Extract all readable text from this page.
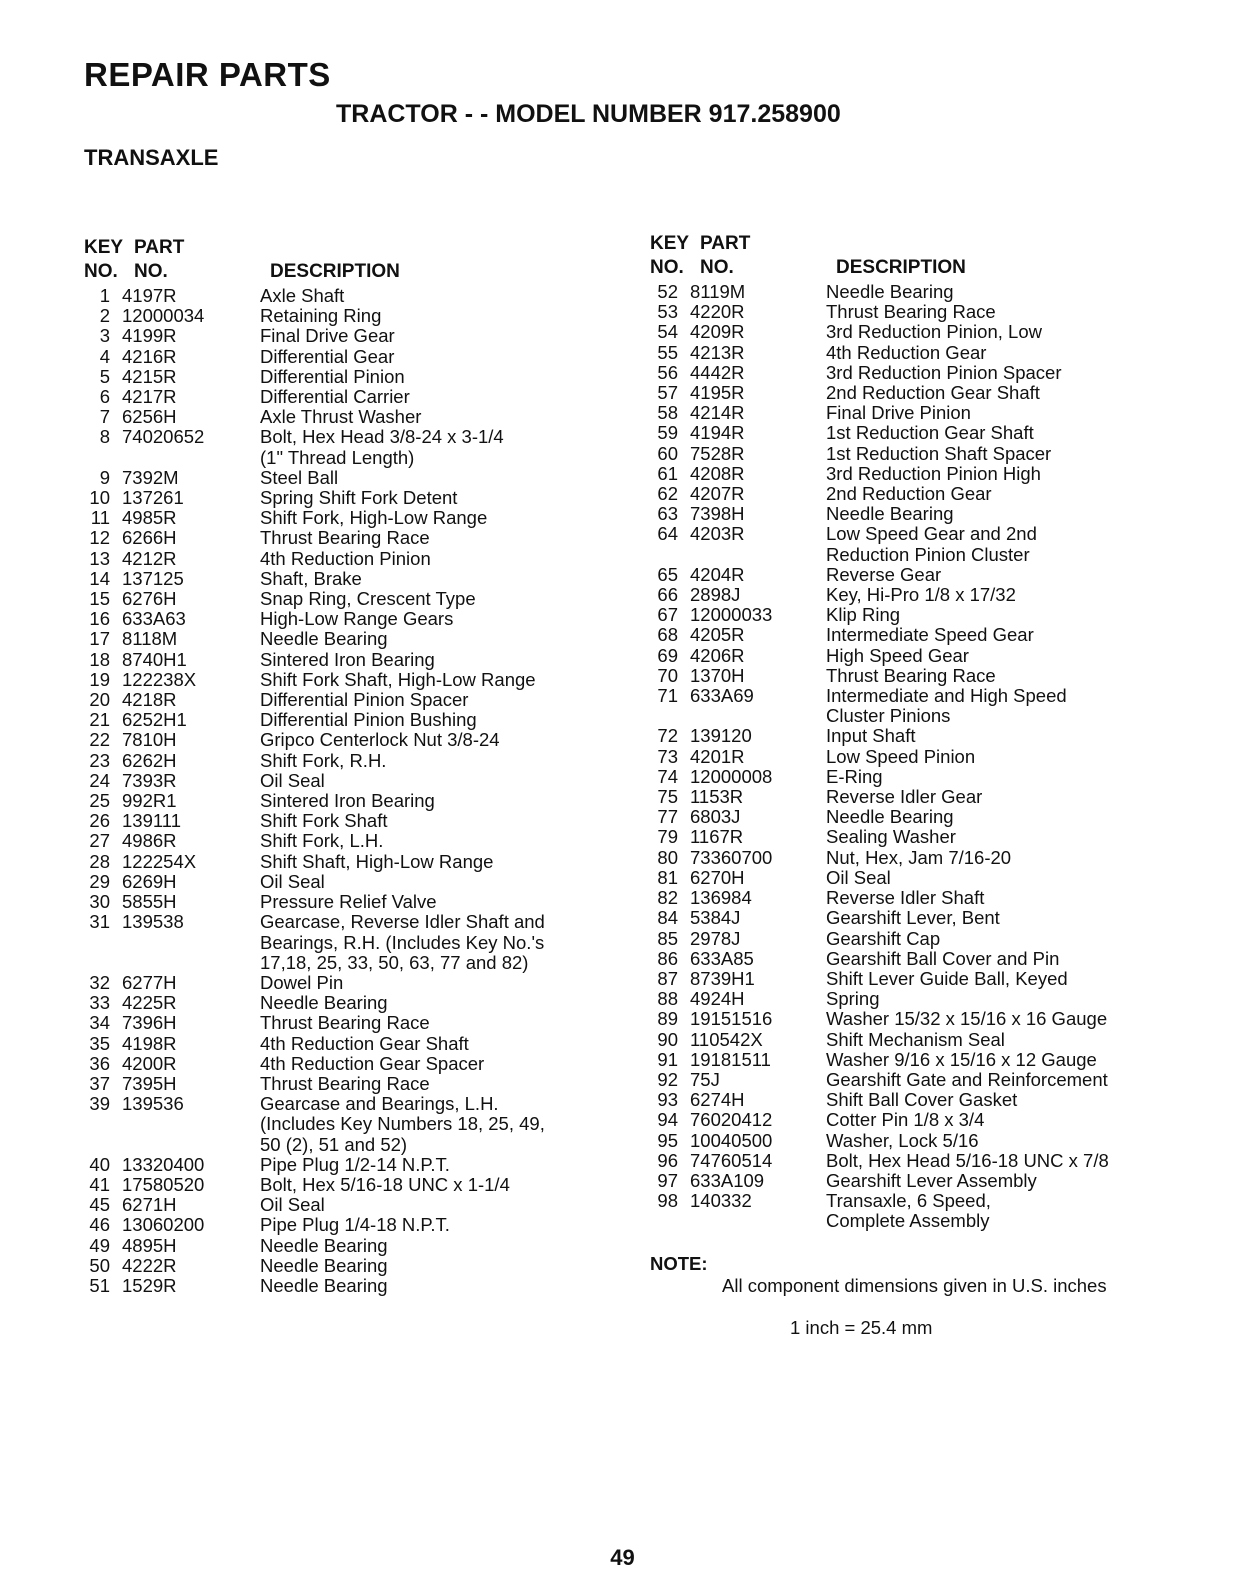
REPAIR PARTS
TRACTOR - - MODEL NUMBER 917.258900
TRANSAXLE
KEY
NO.
PART
NO.	DESCRIPTION
1 4197R	Axle Shaft
2 12000034	Retaining Ring
3 4199R	Final Drive Gear
4 4216R	Differential Gear
5 4215R	Differential Pinion
6 4217R	Differential Carrier
7 6256H	Axle Thrust Washer
8 74020652	Bolt, Hex Head 3/8-24 x 3-1/4
(1" Thread Length)
9 7392M	Steel Ball
10 137261	Spring Shift Fork Detent
11 4985R	Shift Fork, High-Low Range
12 6266H	Thrust Bearing Race
13 4212R	4th Reduction Pinion
14 137125	Shaft, Brake
15 6276H	Snap Ring, Crescent Type
16 633A63	High-Low Range Gears
17 8118M	Needle Bearing
18 8740H1	Sintered Iron Bearing
19 122238X	Shift Fork Shaft, High-Low Range
20 4218R	Differential Pinion Spacer
21 6252H1	Differential Pinion Bushing
22 7810H	Gripco Centerlock Nut 3/8-24
23 6262H	Shift Fork, R.H.
24 7393R	Oil Seal
25 992R1	Sintered Iron Bearing
26 139111	Shift Fork Shaft
27 4986R	Shift Fork, L.H.
28 122254X	Shift Shaft, High-Low Range
29 6269H	Oil Seal
30 5855H	Pressure Relief Valve
31 139538	Gearcase, Reverse Idler Shaft and
Bearings, R.H. (Includes Key No.'s
17,18, 25, 33, 50, 63, 77 and 82)
32 6277H	Dowel Pin
33 4225R	Needle Bearing
34 7396H	Thrust Bearing Race
35 4198R	4th Reduction Gear Shaft
36 4200R	4th Reduction Gear Spacer
37 7395H	Thrust Bearing Race
39 139536	Gearcase and Bearings, L.H.
(Includes Key Numbers 18, 25, 49,
50 (2), 51 and 52)
40 13320400	Pipe Plug 1/2-14 N.P.T.
41 17580520	Bolt, Hex 5/16-18 UNC x 1-1/4
45 6271H	Oil Seal
46 13060200	Pipe Plug 1/4-18 N.P.T.
49 4895H	Needle Bearing
50 4222R	Needle Bearing
51 1529R	Needle Bearing
KEY
NO.
PART
NO.	DESCRIPTION
52 8119M	Needle Bearing
53 4220R	Thrust Bearing Race
54 4209R	3rd Reduction Pinion, Low
55 4213R	4th Reduction Gear
56 4442R	3rd Reduction Pinion Spacer
57 4195R	2nd Reduction Gear Shaft
58 4214R	Final Drive Pinion
59 4194R	1st Reduction Gear Shaft
60 7528R	1st Reduction Shaft Spacer
61 4208R	3rd Reduction Pinion High
62 4207R	2nd Reduction Gear
63 7398H	Needle Bearing
64 4203R	Low Speed Gear and 2nd
Reduction Pinion Cluster
65 4204R	Reverse Gear
66 2898J	Key, Hi-Pro 1/8 x 17/32
67 12000033	Klip Ring
68 4205R	Intermediate Speed Gear
69 4206R	High Speed Gear
70 1370H	Thrust Bearing Race
71 633A69	Intermediate and High Speed
Cluster Pinions
72 139120	Input Shaft
73 4201R	Low Speed Pinion
74 12000008	E-Ring
75 1153R	Reverse Idler Gear
77 6803J	Needle Bearing
79 1167R	Sealing Washer
80 73360700	Nut, Hex, Jam 7/16-20
81 6270H	Oil Seal
82 136984	Reverse Idler Shaft
84 5384J	Gearshift Lever, Bent
85 2978J	Gearshift Cap
86 633A85	Gearshift Ball Cover and Pin
87 8739H1	Shift Lever Guide Ball, Keyed
88 4924H	Spring
89 19151516	Washer 15/32 x 15/16 x 16 Gauge
90 110542X	Shift Mechanism Seal
91 19181511	Washer 9/16 x 15/16 x 12 Gauge
92 75J	Gearshift Gate and Reinforcement
93 6274H	Shift Ball Cover Gasket
94 76020412	Cotter Pin 1/8 x 3/4
95 10040500	Washer, Lock 5/16
96 74760514	Bolt, Hex Head 5/16-18 UNC x 7/8
97 633A109	Gearshift Lever Assembly
98 140332	Transaxle, 6 Speed,
Complete Assembly
NOTE:

All component dimensions given in U.S. inches

1 inch = 25.4 mm

49
